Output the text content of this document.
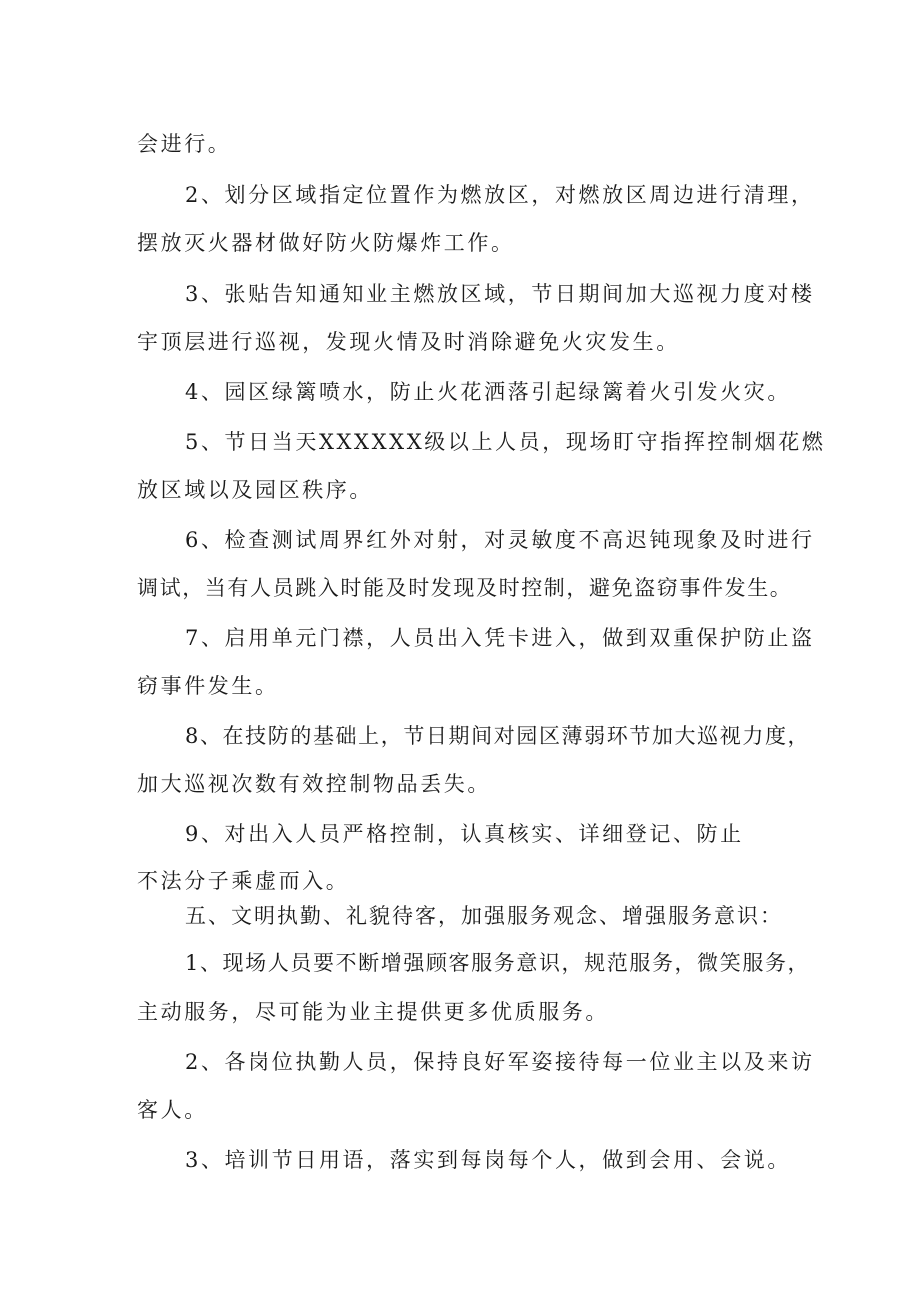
会进行。
2、划分区域指定位置作为燃放区，对燃放区周边进行清理，
摆放灭火器材做好防火防爆炸工作。
3、张贴告知通知业主燃放区域，节日期间加大巡视力度对楼
宇顶层进行巡视，发现火情及时消除避免火灾发生。
4、园区绿篱喷水，防止火花洒落引起绿篱着火引发火灾。
5、节日当天XXXXXX级以上人员，现场盯守指挥控制烟花燃
放区域以及园区秩序。
6、检查测试周界红外对射，对灵敏度不高迟钝现象及时进行
调试，当有人员跳入时能及时发现及时控制，避免盗窃事件发生。
7、启用单元门襟，人员出入凭卡进入，做到双重保护防止盗
窃事件发生。
8、在技防的基础上，节日期间对园区薄弱环节加大巡视力度，
加大巡视次数有效控制物品丢失。
9、对出入人员严格控制，认真核实、详细登记、防止
不法分子乘虚而入。
五、文明执勤、礼貌待客，加强服务观念、增强服务意识：
1、现场人员要不断增强顾客服务意识，规范服务，微笑服务，
主动服务，尽可能为业主提供更多优质服务。
2、各岗位执勤人员，保持良好军姿接待每一位业主以及来访
客人。
3、培训节日用语，落实到每岗每个人，做到会用、会说。
